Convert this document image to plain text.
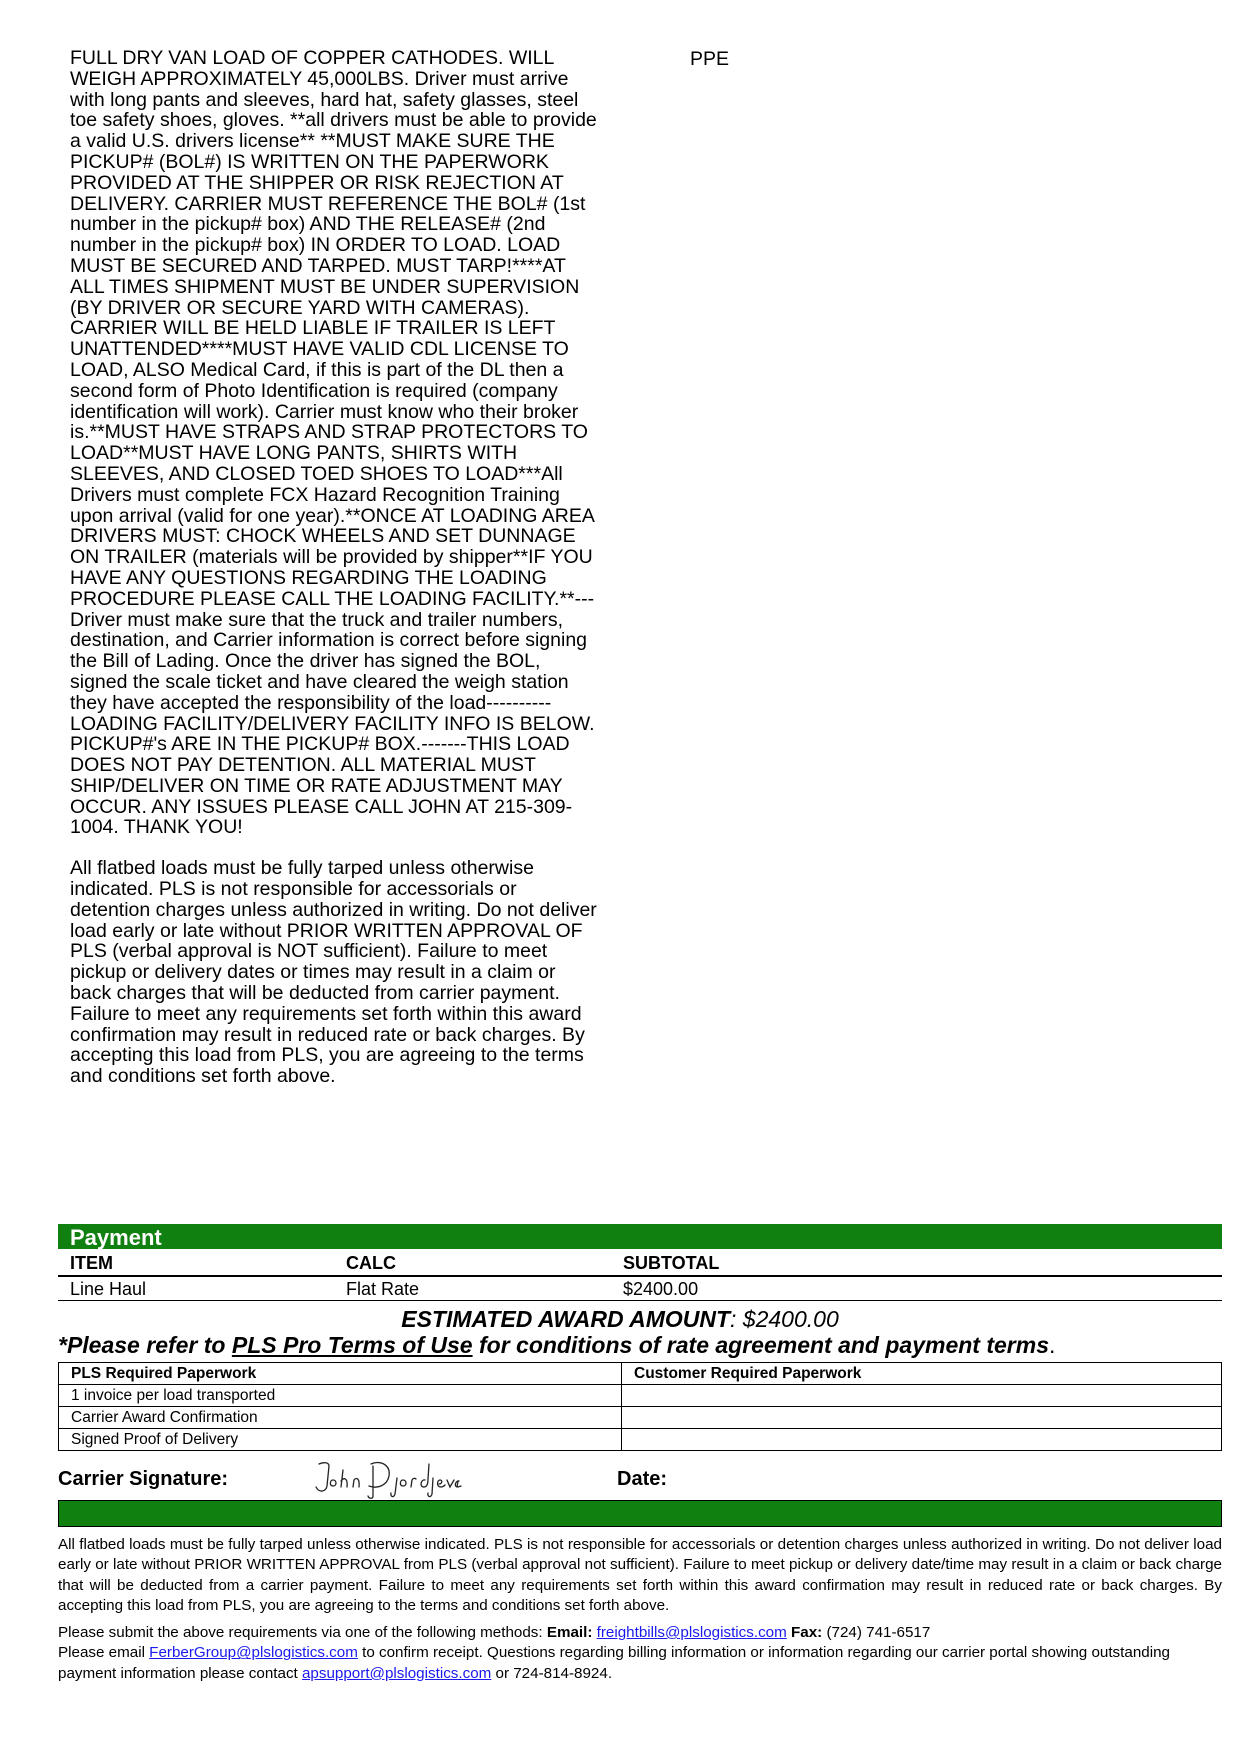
FULL DRY VAN LOAD OF COPPER CATHODES. WILL WEIGH APPROXIMATELY 45,000LBS. Driver must arrive with long pants and sleeves, hard hat, safety glasses, steel toe safety shoes, gloves. **all drivers must be able to provide a valid U.S. drivers license** **MUST MAKE SURE THE PICKUP# (BOL#) IS WRITTEN ON THE PAPERWORK PROVIDED AT THE SHIPPER OR RISK REJECTION AT DELIVERY. CARRIER MUST REFERENCE THE BOL# (1st number in the pickup# box) AND THE RELEASE# (2nd number in the pickup# box) IN ORDER TO LOAD. LOAD MUST BE SECURED AND TARPED. MUST TARP!****AT ALL TIMES SHIPMENT MUST BE UNDER SUPERVISION (BY DRIVER OR SECURE YARD WITH CAMERAS). CARRIER WILL BE HELD LIABLE IF TRAILER IS LEFT UNATTENDED****MUST HAVE VALID CDL LICENSE TO LOAD, ALSO Medical Card, if this is part of the DL then a second form of Photo Identification is required (company identification will work). Carrier must know who their broker is.**MUST HAVE STRAPS AND STRAP PROTECTORS TO LOAD**MUST HAVE LONG PANTS, SHIRTS WITH SLEEVES, AND CLOSED TOED SHOES TO LOAD***All Drivers must complete FCX Hazard Recognition Training upon arrival (valid for one year).**ONCE AT LOADING AREA DRIVERS MUST: CHOCK WHEELS AND SET DUNNAGE ON TRAILER (materials will be provided by shipper**IF YOU HAVE ANY QUESTIONS REGARDING THE LOADING PROCEDURE PLEASE CALL THE LOADING FACILITY.**---Driver must make sure that the truck and trailer numbers, destination, and Carrier information is correct before signing the Bill of Lading. Once the driver has signed the BOL, signed the scale ticket and have cleared the weigh station they have accepted the responsibility of the load----------LOADING FACILITY/DELIVERY FACILITY INFO IS BELOW. PICKUP#'s ARE IN THE PICKUP# BOX.-------THIS LOAD DOES NOT PAY DETENTION. ALL MATERIAL MUST SHIP/DELIVER ON TIME OR RATE ADJUSTMENT MAY OCCUR. ANY ISSUES PLEASE CALL JOHN AT 215-309-1004. THANK YOU!

All flatbed loads must be fully tarped unless otherwise indicated. PLS is not responsible for accessorials or detention charges unless authorized in writing. Do not deliver load early or late without PRIOR WRITTEN APPROVAL OF PLS (verbal approval is NOT sufficient). Failure to meet pickup or delivery dates or times may result in a claim or back charges that will be deducted from carrier payment. Failure to meet any requirements set forth within this award confirmation may result in reduced rate or back charges. By accepting this load from PLS, you are agreeing to the terms and conditions set forth above.

PPE
Payment
ITEM	CALC	SUBTOTAL
Line Haul	Flat Rate	$2400.00
ESTIMATED AWARD AMOUNT: $2400.00
*Please refer to PLS Pro Terms of Use for conditions of rate agreement and payment terms.
PLS Required Paperwork	Customer Required Paperwork
1 invoice per load transported	
Carrier Award Confirmation	
Signed Proof of Delivery	
Carrier Signature:	Date:
All flatbed loads must be fully tarped unless otherwise indicated. PLS is not responsible for accessorials or detention charges unless authorized in writing. Do not deliver load early or late without PRIOR WRITTEN APPROVAL from PLS (verbal approval not sufficient). Failure to meet pickup or delivery date/time may result in a claim or back charge that will be deducted from a carrier payment. Failure to meet any requirements set forth within this award confirmation may result in reduced rate or back charges. By accepting this load from PLS, you are agreeing to the terms and conditions set forth above.
Please submit the above requirements via one of the following methods: Email: freightbills@plslogistics.com Fax: (724) 741-6517
Please email FerberGroup@plslogistics.com to confirm receipt. Questions regarding billing information or information regarding our carrier portal showing outstanding payment information please contact apsupport@plslogistics.com or 724-814-8924.
